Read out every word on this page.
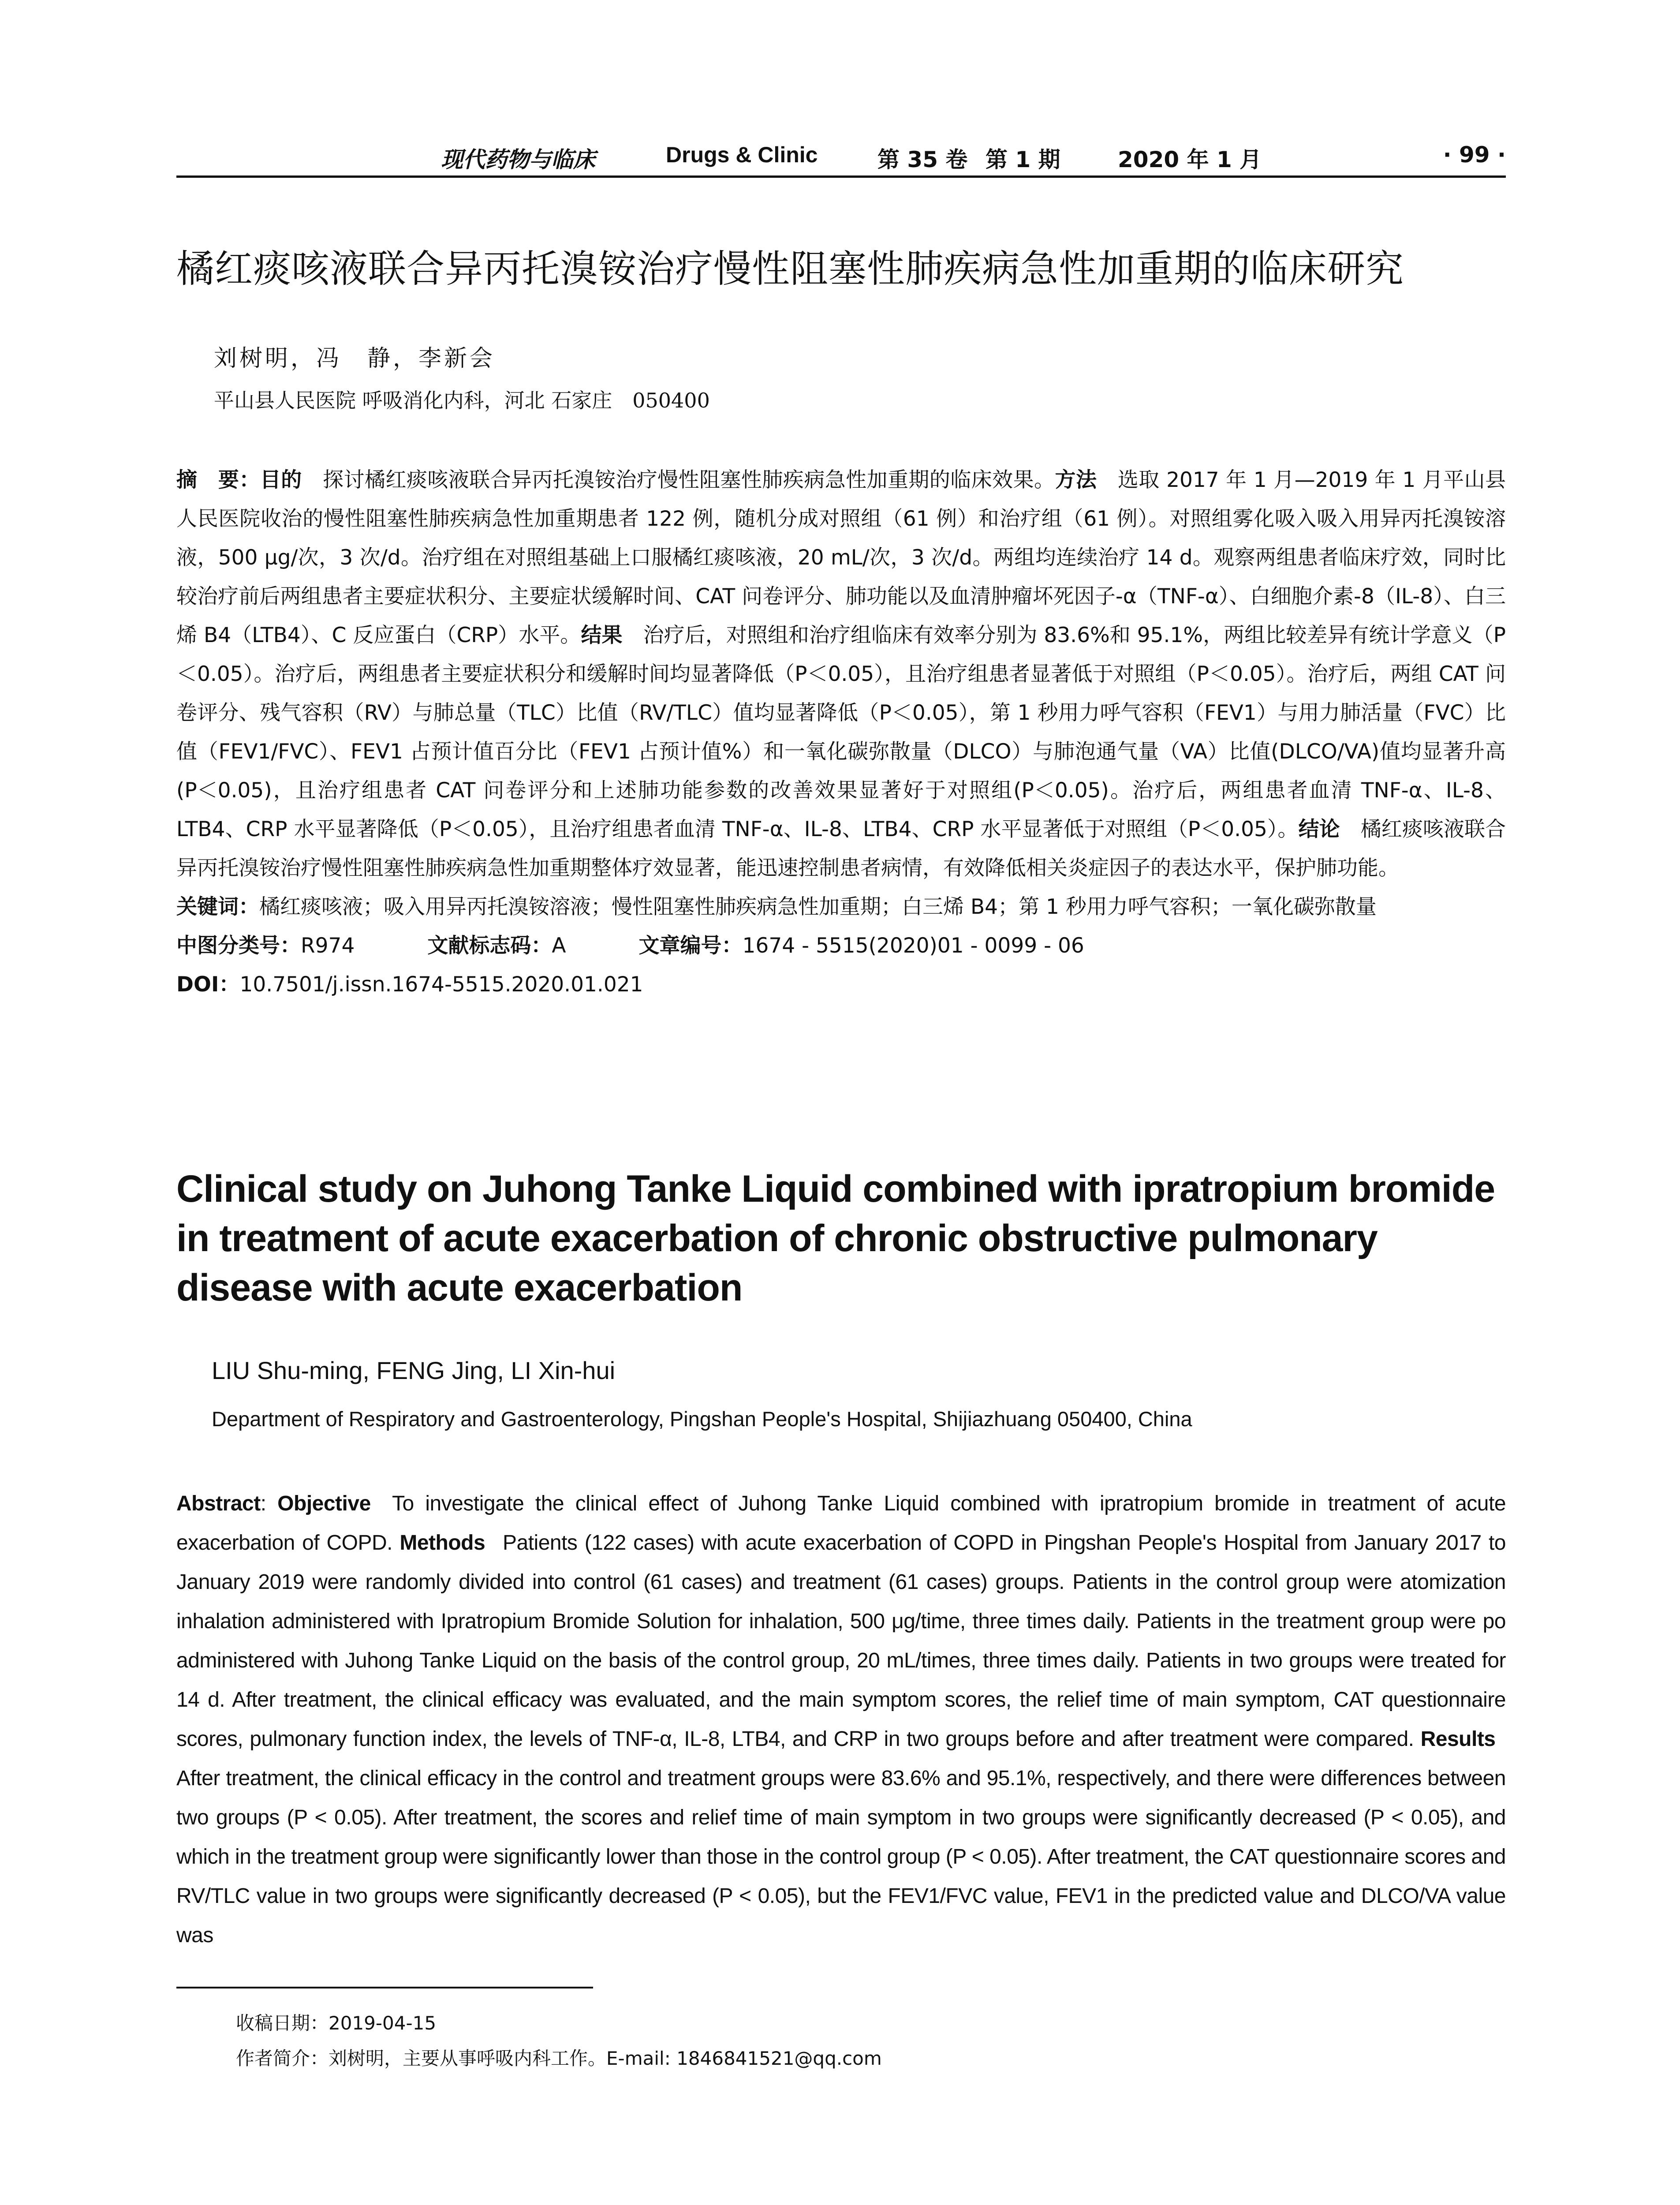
现代药物与临床	Drugs & Clinic	第 35 卷 第 1 期	2020 年 1 月	· 99 ·
橘红痰咳液联合异丙托溴铵治疗慢性阻塞性肺疾病急性加重期的临床研究
刘树明，冯　静，李新会
平山县人民医院 呼吸消化内科，河北 石家庄　050400
摘　要：目的  探讨橘红痰咳液联合异丙托溴铵治疗慢性阻塞性肺疾病急性加重期的临床效果。方法  选取 2017 年 1 月—2019 年 1 月平山县人民医院收治的慢性阻塞性肺疾病急性加重期患者 122 例，随机分成对照组（61 例）和治疗组（61 例）。对照组雾化吸入吸入用异丙托溴铵溶液，500 μg/次，3 次/d。治疗组在对照组基础上口服橘红痰咳液，20 mL/次，3 次/d。两组均连续治疗 14 d。观察两组患者临床疗效，同时比较治疗前后两组患者主要症状积分、主要症状缓解时间、CAT 问卷评分、肺功能以及血清肿瘤坏死因子-α（TNF-α）、白细胞介素-8（IL-8）、白三烯 B4（LTB4）、C 反应蛋白（CRP）水平。结果  治疗后，对照组和治疗组临床有效率分别为 83.6%和 95.1%，两组比较差异有统计学意义（P＜0.05）。治疗后，两组患者主要症状积分和缓解时间均显著降低（P＜0.05），且治疗组患者显著低于对照组（P＜0.05）。治疗后，两组 CAT 问卷评分、残气容积（RV）与肺总量（TLC）比值（RV/TLC）值均显著降低（P＜0.05），第 1 秒用力呼气容积（FEV1）与用力肺活量（FVC）比值（FEV1/FVC）、FEV1 占预计值百分比（FEV1 占预计值%）和一氧化碳弥散量（DLCO）与肺泡通气量（VA）比值(DLCO/VA)值均显著升高(P＜0.05)，且治疗组患者 CAT 问卷评分和上述肺功能参数的改善效果显著好于对照组(P＜0.05)。治疗后，两组患者血清 TNF-α、IL-8、LTB4、CRP 水平显著降低（P＜0.05），且治疗组患者血清 TNF-α、IL-8、LTB4、CRP 水平显著低于对照组（P＜0.05）。结论  橘红痰咳液联合异丙托溴铵治疗慢性阻塞性肺疾病急性加重期整体疗效显著，能迅速控制患者病情，有效降低相关炎症因子的表达水平，保护肺功能。
关键词：橘红痰咳液；吸入用异丙托溴铵溶液；慢性阻塞性肺疾病急性加重期；白三烯 B4；第 1 秒用力呼气容积；一氧化碳弥散量
中图分类号：R974	文献标志码：A	文章编号：1674 - 5515(2020)01 - 0099 - 06
DOI：10.7501/j.issn.1674-5515.2020.01.021
Clinical study on Juhong Tanke Liquid combined with ipratropium bromide in treatment of acute exacerbation of chronic obstructive pulmonary disease with acute exacerbation
LIU Shu-ming, FENG Jing, LI Xin-hui
Department of Respiratory and Gastroenterology, Pingshan People's Hospital, Shijiazhuang 050400, China
Abstract: Objective  To investigate the clinical effect of Juhong Tanke Liquid combined with ipratropium bromide in treatment of acute exacerbation of COPD. Methods  Patients (122 cases) with acute exacerbation of COPD in Pingshan People's Hospital from January 2017 to January 2019 were randomly divided into control (61 cases) and treatment (61 cases) groups. Patients in the control group were atomization inhalation administered with Ipratropium Bromide Solution for inhalation, 500 μg/time, three times daily. Patients in the treatment group were po administered with Juhong Tanke Liquid on the basis of the control group, 20 mL/times, three times daily. Patients in two groups were treated for 14 d. After treatment, the clinical efficacy was evaluated, and the main symptom scores, the relief time of main symptom, CAT questionnaire scores, pulmonary function index, the levels of TNF-α, IL-8, LTB4, and CRP in two groups before and after treatment were compared. Results  After treatment, the clinical efficacy in the control and treatment groups were 83.6% and 95.1%, respectively, and there were differences between two groups (P < 0.05). After treatment, the scores and relief time of main symptom in two groups were significantly decreased (P < 0.05), and which in the treatment group were significantly lower than those in the control group (P < 0.05). After treatment, the CAT questionnaire scores and RV/TLC value in two groups were significantly decreased (P < 0.05), but the FEV1/FVC value, FEV1 in the predicted value and DLCO/VA value was
收稿日期：2019-04-15
作者简介：刘树明，主要从事呼吸内科工作。E-mail: 1846841521@qq.com
